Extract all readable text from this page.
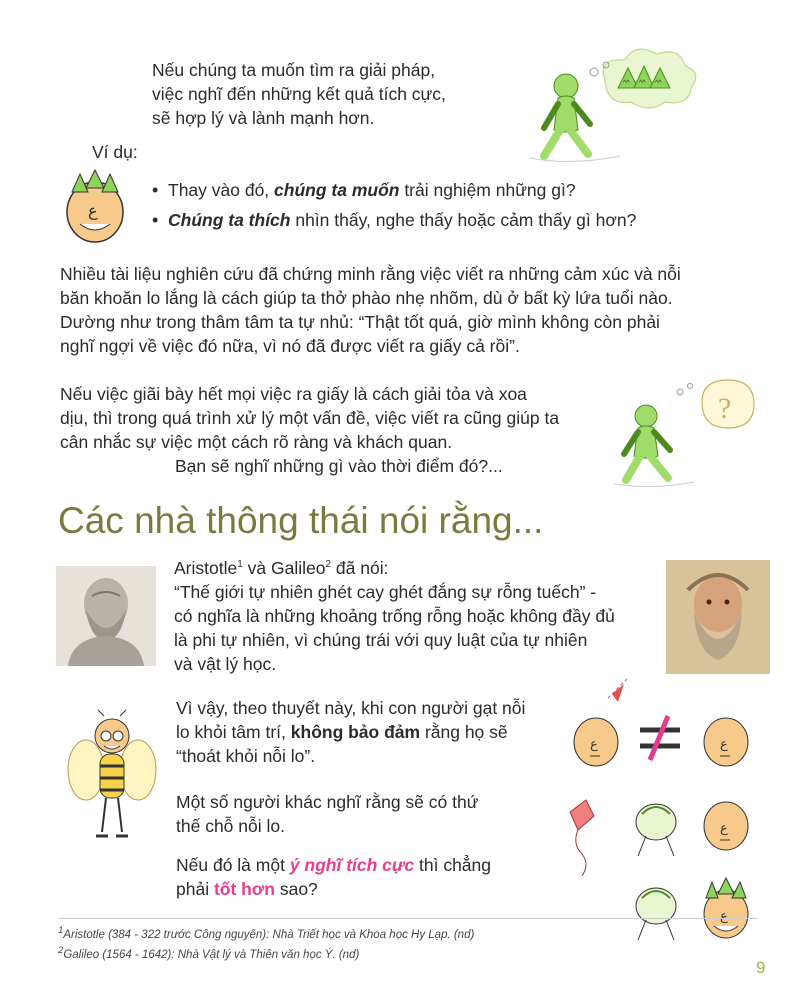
Nếu chúng ta muốn tìm ra giải pháp,
việc nghĩ đến những kết quả tích cực,
sẽ hợp lý và lành mạnh hơn.
^^ ^^ ^^
Ví dụ:
ع
• Thay vào đó, chúng ta muốn trải nghiệm những gì?
• Chúng ta thích nhìn thấy, nghe thấy hoặc cảm thấy gì hơn?
Nhiều tài liệu nghiên cứu đã chứng minh rằng việc viết ra những cảm xúc và nỗi
băn khoăn lo lắng là cách giúp ta thở phào nhẹ nhõm, dù ở bất kỳ lứa tuổi nào.
Dường như trong thâm tâm ta tự nhủ: “Thật tốt quá, giờ mình không còn phải
nghĩ ngợi về việc đó nữa, vì nó đã được viết ra giấy cả rồi”.
Nếu việc giãi bày hết mọi việc ra giấy là cách giải tỏa và xoa
dịu, thì trong quá trình xử lý một vấn đề, việc viết ra cũng giúp ta
cân nhắc sự việc một cách rõ ràng và khách quan.
Bạn sẽ nghĩ những gì vào thời điểm đó?...
?
Các nhà thông thái nói rằng...
Aristotle$^1$ và Galileo$^2$ đã nói:
“Thế giới tự nhiên ghét cay ghét đắng sự rỗng tuếch” -
có nghĩa là những khoảng trống rỗng hoặc không đầy đủ
là phi tự nhiên, vì chúng trái với quy luật của tự nhiên
và vật lý học.
Vì vậy, theo thuyết này, khi con người gạt nỗi
lo khỏi tâm trí, không bảo đảm rằng họ sẽ
“thoát khỏi nỗi lo”.
Một số người khác nghĩ rằng sẽ có thứ
thế chỗ nỗi lo.
Nếu đó là một ý nghĩ tích cực thì chẳng
phải tốt hơn sao?
ع	ع
ع
ع
$^1$Aristotle (384 - 322 trước Công nguyên): Nhà Triết học và Khoa học Hy Lạp. (nd)
$^2$Galileo (1564 - 1642): Nhà Vật lý và Thiên văn học Ý. (nd)
9
